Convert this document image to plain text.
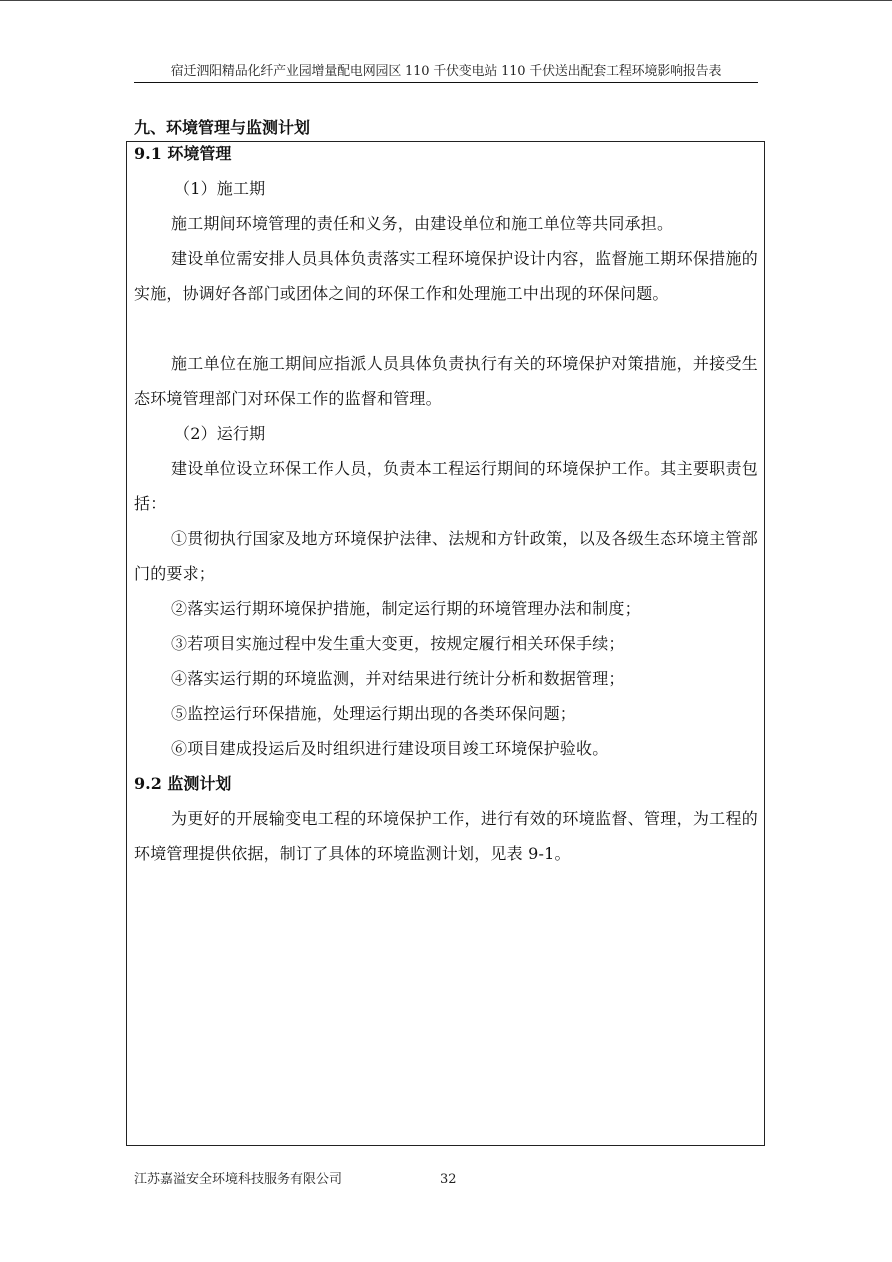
宿迁泗阳精品化纤产业园增量配电网园区 110 千伏变电站 110 千伏送出配套工程环境影响报告表
九、环境管理与监测计划
9.1 环境管理
（1）施工期
施工期间环境管理的责任和义务，由建设单位和施工单位等共同承担。
建设单位需安排人员具体负责落实工程环境保护设计内容，监督施工期环保措施的实施，协调好各部门或团体之间的环保工作和处理施工中出现的环保问题。
施工单位在施工期间应指派人员具体负责执行有关的环境保护对策措施，并接受生态环境管理部门对环保工作的监督和管理。
（2）运行期
建设单位设立环保工作人员，负责本工程运行期间的环境保护工作。其主要职责包括：
①贯彻执行国家及地方环境保护法律、法规和方针政策，以及各级生态环境主管部门的要求；
②落实运行期环境保护措施，制定运行期的环境管理办法和制度；
③若项目实施过程中发生重大变更，按规定履行相关环保手续；
④落实运行期的环境监测，并对结果进行统计分析和数据管理；
⑤监控运行环保措施，处理运行期出现的各类环保问题；
⑥项目建成投运后及时组织进行建设项目竣工环境保护验收。
9.2 监测计划
为更好的开展输变电工程的环境保护工作，进行有效的环境监督、管理，为工程的环境管理提供依据，制订了具体的环境监测计划，见表 9-1。
江苏嘉溢安全环境科技服务有限公司	32
